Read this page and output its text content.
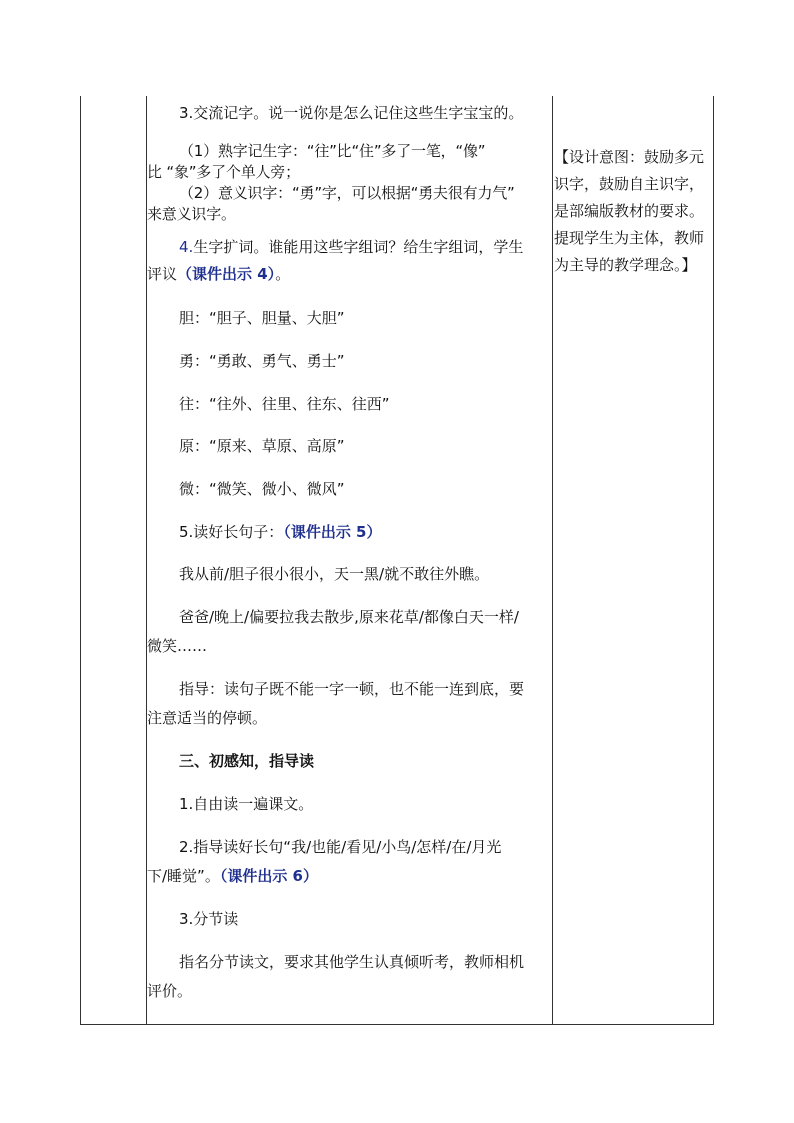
3.交流记字。说一说你是怎么记住这些生字宝宝的。
（1）熟字记生字：“往”比“住”多了一笔，“像”
比 “象”多了个单人旁；
（2）意义识字：“勇”字，可以根据“勇夫很有力气”
来意义识字。
4.生字扩词。谁能用这些字组词？给生字组词，学生
评议（课件出示 4）。
胆：“胆子、胆量、大胆”
勇：“勇敢、勇气、勇士”
往：“往外、往里、往东、往西”
原：“原来、草原、高原”
微：“微笑、微小、微风”
5.读好长句子：（课件出示 5）
我从前/胆子很小很小，天一黑/就不敢往外瞧。
爸爸/晚上/偏要拉我去散步,原来花草/都像白天一样/
微笑……
指导：读句子既不能一字一顿，也不能一连到底，要
注意适当的停顿。
三、初感知，指导读
1.自由读一遍课文。
2.指导读好长句“我/也能/看见/小鸟/怎样/在/月光
下/睡觉”。（课件出示 6）
3.分节读
指名分节读文，要求其他学生认真倾听考，教师相机
评价。
【设计意图：鼓励多元
识字，鼓励自主识字，
是部编版教材的要求。
提现学生为主体，教师
为主导的教学理念。】
